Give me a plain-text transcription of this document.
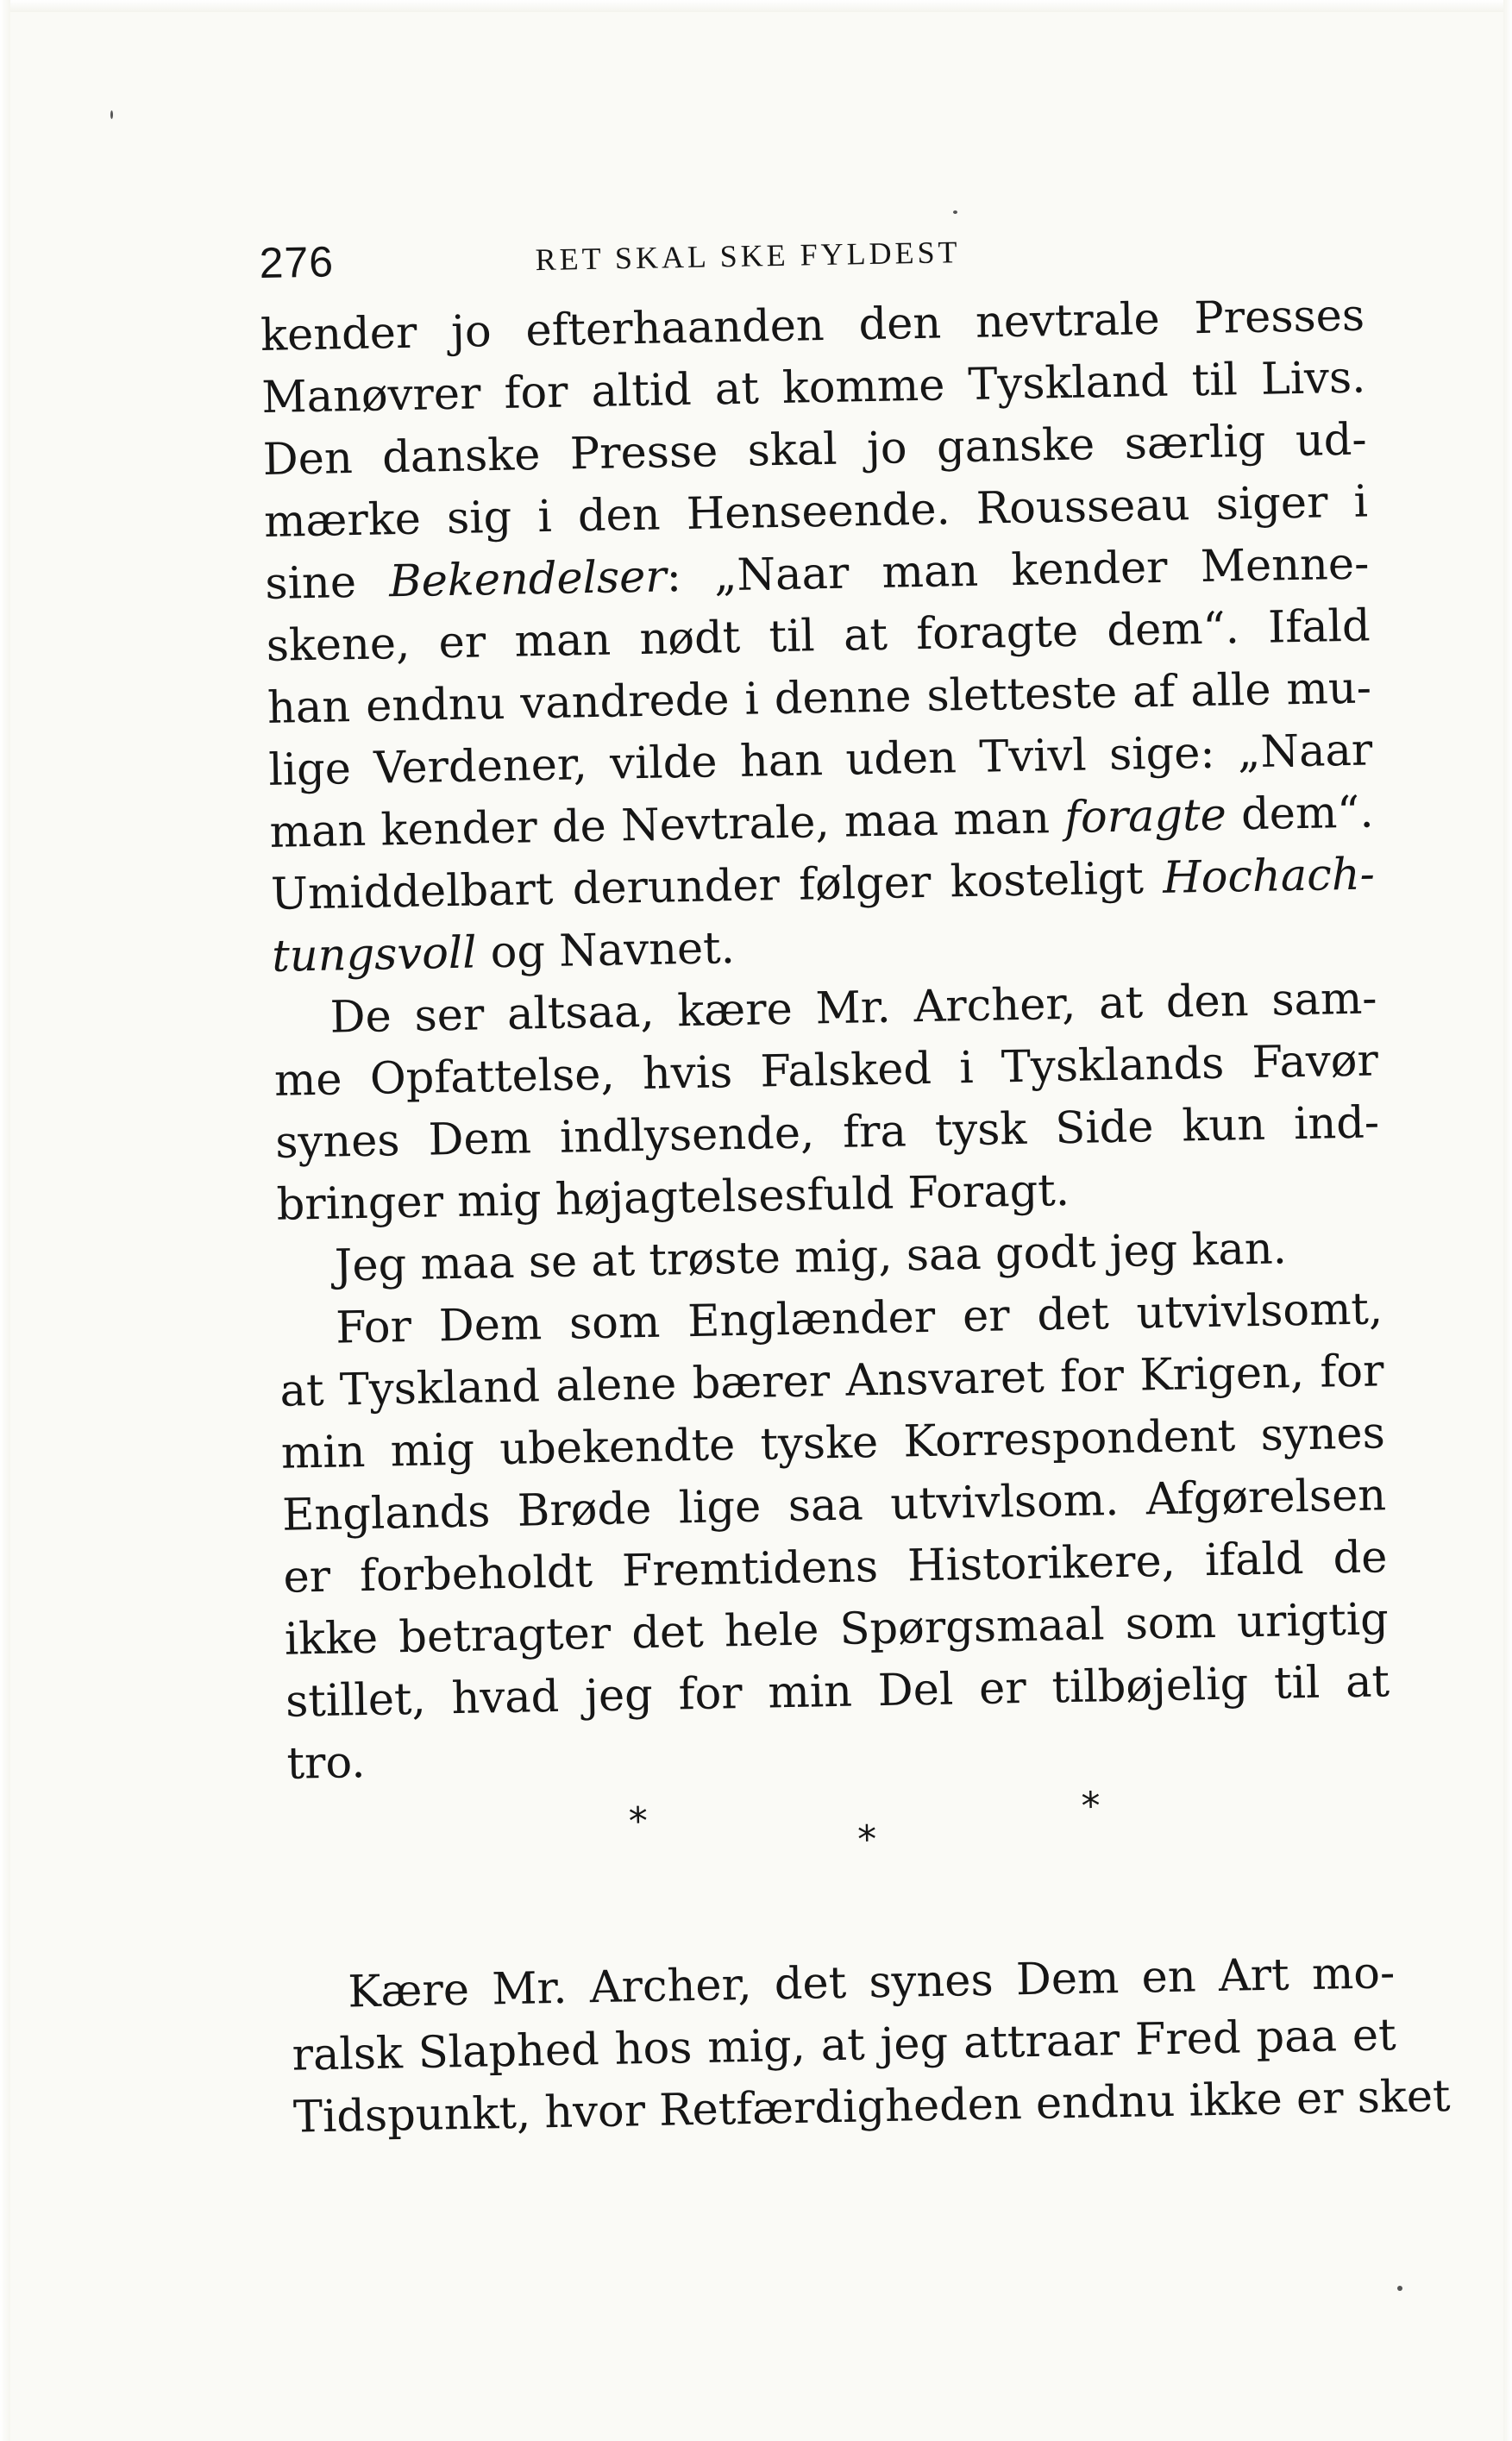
276	RET SKAL SKE FYLDEST
kender jo efterhaanden den nevtrale Presses
Manøvrer for altid at komme Tyskland til Livs.
Den danske Presse skal jo ganske særlig ud-
mærke sig i den Henseende. Rousseau siger i
sine Bekendelser: „Naar man kender Menne-
skene, er man nødt til at foragte dem“. Ifald
han endnu vandrede i denne sletteste af alle mu-
lige Verdener, vilde han uden Tvivl sige: „Naar
man kender de Nevtrale, maa man foragte dem“.
Umiddelbart derunder følger kosteligt Hochach-
tungsvoll og Navnet.
De ser altsaa, kære Mr. Archer, at den sam-
me Opfattelse, hvis Falsked i Tysklands Favør
synes Dem indlysende, fra tysk Side kun ind-
bringer mig højagtelsesfuld Foragt.
Jeg maa se at trøste mig, saa godt jeg kan.
For Dem som Englænder er det utvivlsomt,
at Tyskland alene bærer Ansvaret for Krigen, for
min mig ubekendte tyske Korrespondent synes
Englands Brøde lige saa utvivlsom. Afgørelsen
er forbeholdt Fremtidens Historikere, ifald de
ikke betragter det hele Spørgsmaal som urigtig
stillet, hvad jeg for min Del er tilbøjelig til at
tro.
*	*
*
Kære Mr. Archer, det synes Dem en Art mo-
ralsk Slaphed hos mig, at jeg attraar Fred paa et
Tidspunkt, hvor Retfærdigheden endnu ikke er sket
